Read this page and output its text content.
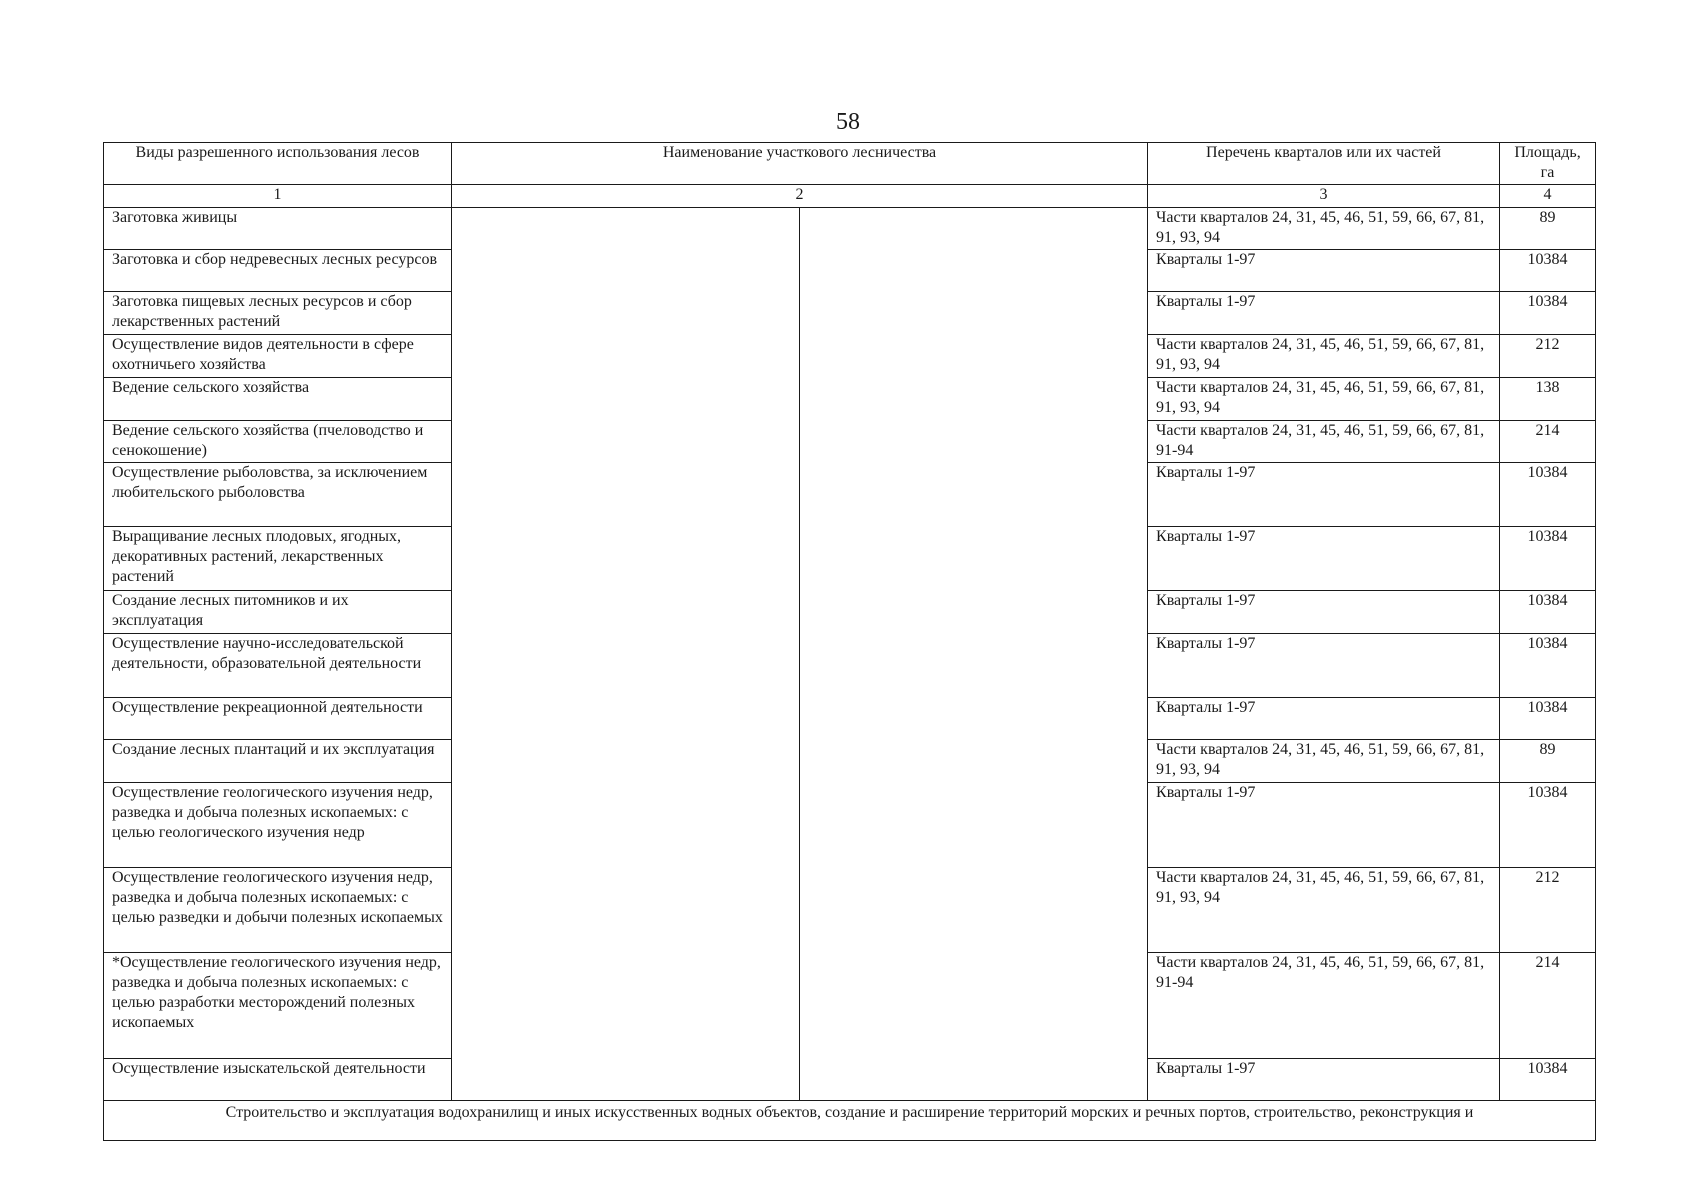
58
Виды разрешенного использования лесов	Наименование участкового лесничества		Перечень кварталов или их частей	Площадь, га
1	2		3	4
Заготовка живицы			Части кварталов 24, 31, 45, 46, 51, 59, 66, 67, 81, 91, 93, 94	89
Заготовка и сбор недревесных лесных ресурсов			Кварталы 1-97	10384
Заготовка пищевых лесных ресурсов и сбор лекарственных растений			Кварталы 1-97	10384
Осуществление видов деятельности в сфере охотничьего хозяйства			Части кварталов 24, 31, 45, 46, 51, 59, 66, 67, 81, 91, 93, 94	212
Ведение сельского хозяйства			Части кварталов 24, 31, 45, 46, 51, 59, 66, 67, 81, 91, 93, 94	138
Ведение сельского хозяйства (пчеловодство и сенокошение)			Части кварталов 24, 31, 45, 46, 51, 59, 66, 67, 81, 91-94	214
Осуществление рыболовства, за исключением любительского рыболовства			Кварталы 1-97	10384
Выращивание лесных плодовых, ягодных, декоративных растений, лекарственных растений			Кварталы 1-97	10384
Создание лесных питомников и их эксплуатация			Кварталы 1-97	10384
Осуществление научно-исследовательской деятельности, образовательной деятельности			Кварталы 1-97	10384
Осуществление рекреационной деятельности			Кварталы 1-97	10384
Создание лесных плантаций и их эксплуатация			Части кварталов 24, 31, 45, 46, 51, 59, 66, 67, 81, 91, 93, 94	89
Осуществление геологического изучения недр, разведка и добыча полезных ископаемых: с целью геологического изучения недр			Кварталы 1-97	10384
Осуществление геологического изучения недр, разведка и добыча полезных ископаемых: с целью разведки и добычи полезных ископаемых			Части кварталов 24, 31, 45, 46, 51, 59, 66, 67, 81, 91, 93, 94	212
*Осуществление геологического изучения недр, разведка и добыча полезных ископаемых: с целью разработки месторождений полезных ископаемых			Части кварталов 24, 31, 45, 46, 51, 59, 66, 67, 81, 91-94	214
Осуществление изыскательской деятельности			Кварталы 1-97	10384
Строительство и эксплуатация водохранилищ и иных искусственных водных объектов, создание и расширение территорий морских и речных портов, строительство, реконструкция и				
